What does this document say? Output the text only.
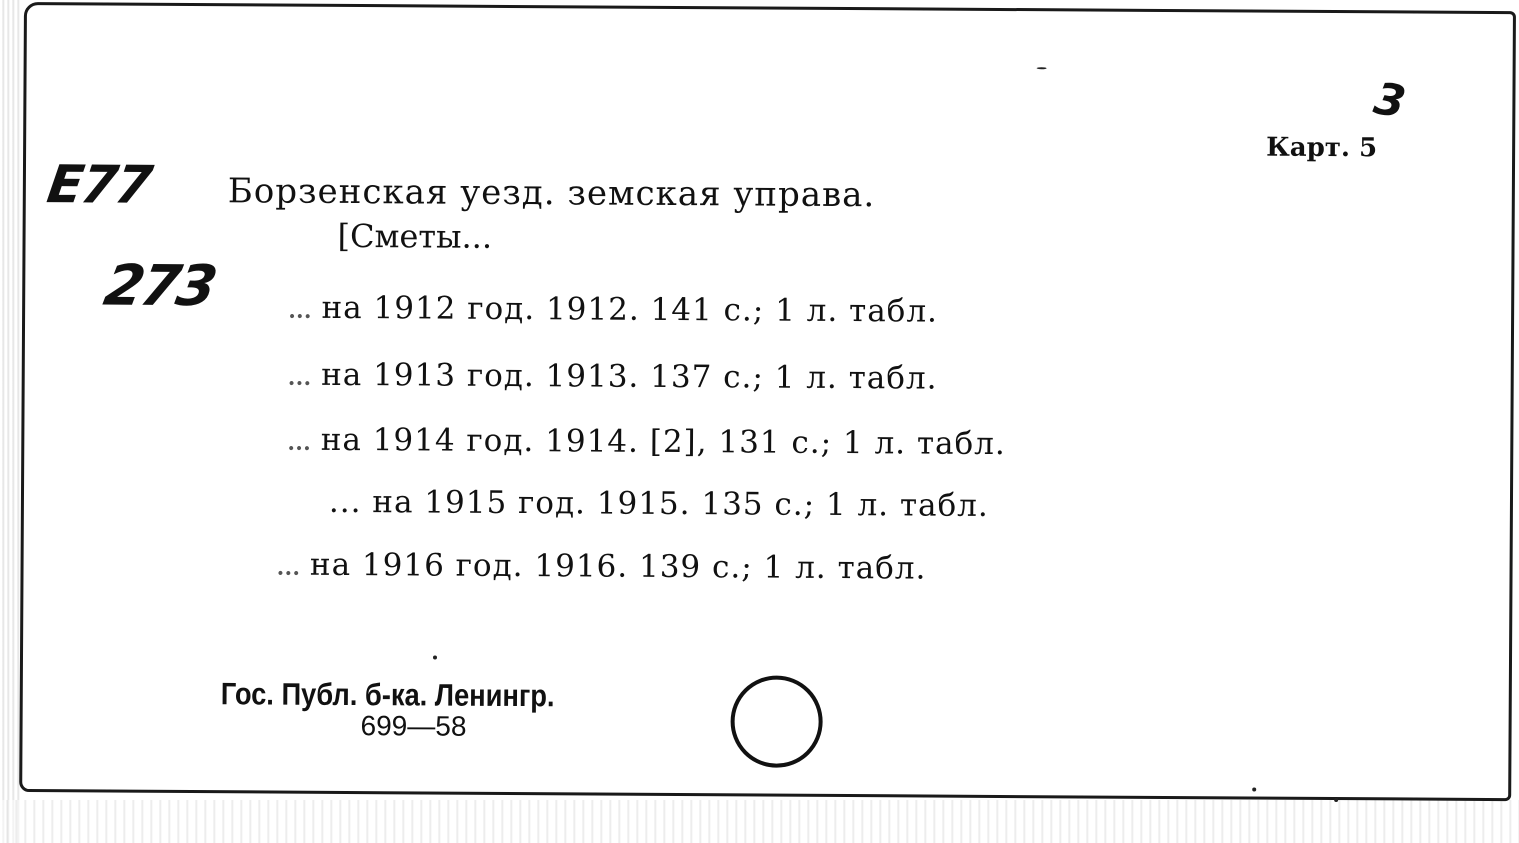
3
Карт. 5
E77
273
Борзенская уезд. земская управа.
[Сметы...
... на 1912 год. 1912. 141 с.; 1 л. табл.
... на 1913 год. 1913. 137 с.; 1 л. табл.
... на 1914 год. 1914. [2], 131 с.; 1 л. табл.
... на 1915 год. 1915. 135 с.; 1 л. табл.
... на 1916 год. 1916. 139 с.; 1 л. табл.
Гос. Публ. б-ка. Ленингр.
699—58
